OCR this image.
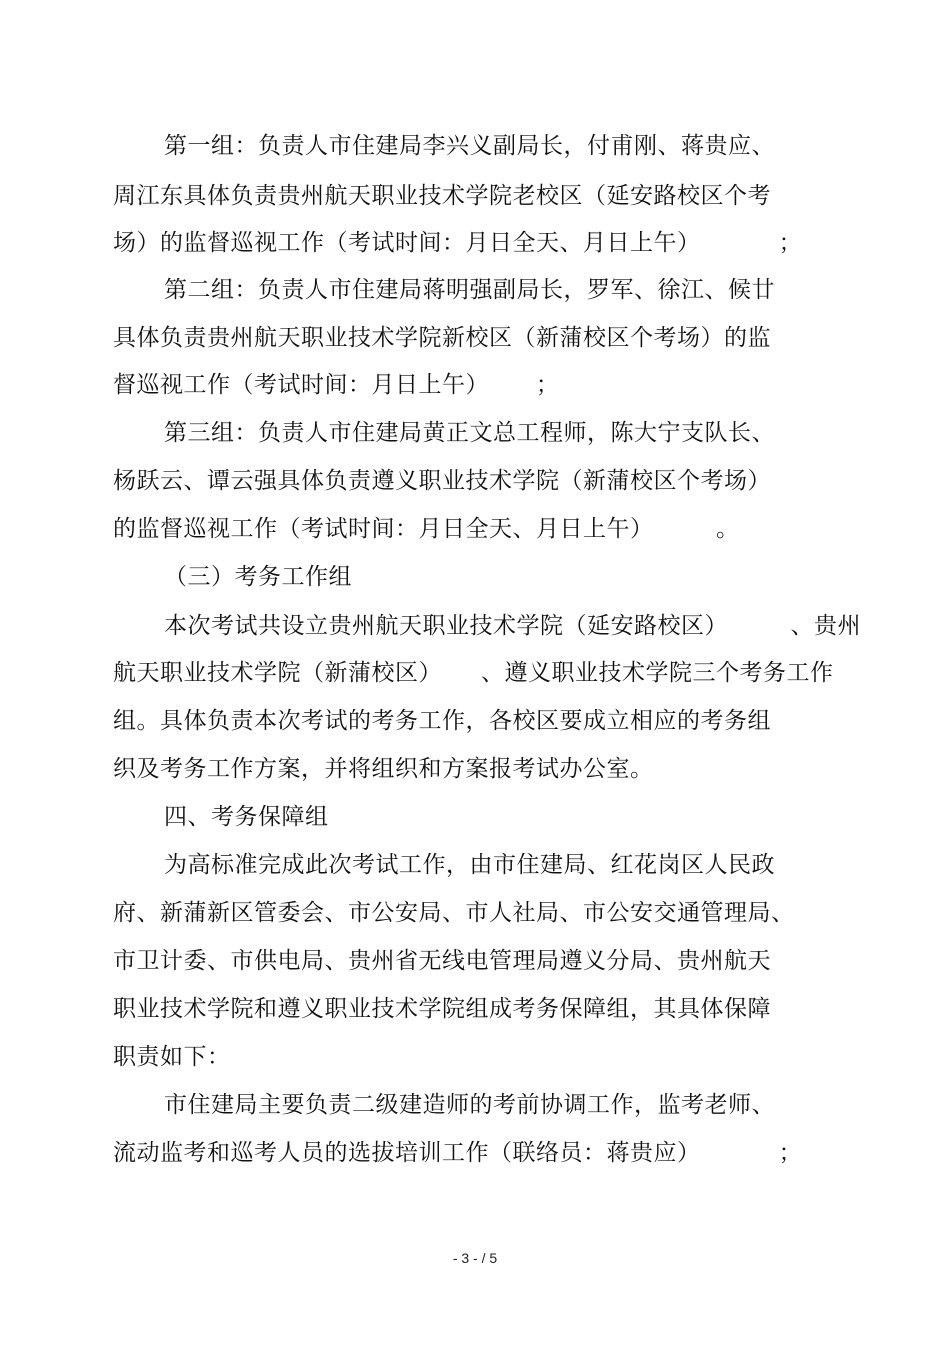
第一组：负责人市住建局李兴义副局长，付甫刚、蒋贵应、
周江东具体负责贵州航天职业技术学院老校区（延安路校区个考
场）的监督巡视工作（考试时间：月日全天、月日上午）          ；
第二组：负责人市住建局蒋明强副局长，罗军、徐江、候廿
具体负责贵州航天职业技术学院新校区（新蒲校区个考场）的监
督巡视工作（考试时间：月日上午）      ；
第三组：负责人市住建局黄正文总工程师，陈大宁支队长、
杨跃云、谭云强具体负责遵义职业技术学院（新蒲校区个考场）
的监督巡视工作（考试时间：月日全天、月日上午）        。
（三）考务工作组
本次考试共设立贵州航天职业技术学院（延安路校区）        、贵州
航天职业技术学院（新蒲校区）     、遵义职业技术学院三个考务工作
组。具体负责本次考试的考务工作，各校区要成立相应的考务组
织及考务工作方案，并将组织和方案报考试办公室。
四、考务保障组
为高标准完成此次考试工作，由市住建局、红花岗区人民政
府、新蒲新区管委会、市公安局、市人社局、市公安交通管理局、
市卫计委、市供电局、贵州省无线电管理局遵义分局、贵州航天
职业技术学院和遵义职业技术学院组成考务保障组，其具体保障
职责如下：
市住建局主要负责二级建造师的考前协调工作，监考老师、
流动监考和巡考人员的选拔培训工作（联络员：蒋贵应）          ；
- 3 - / 5
